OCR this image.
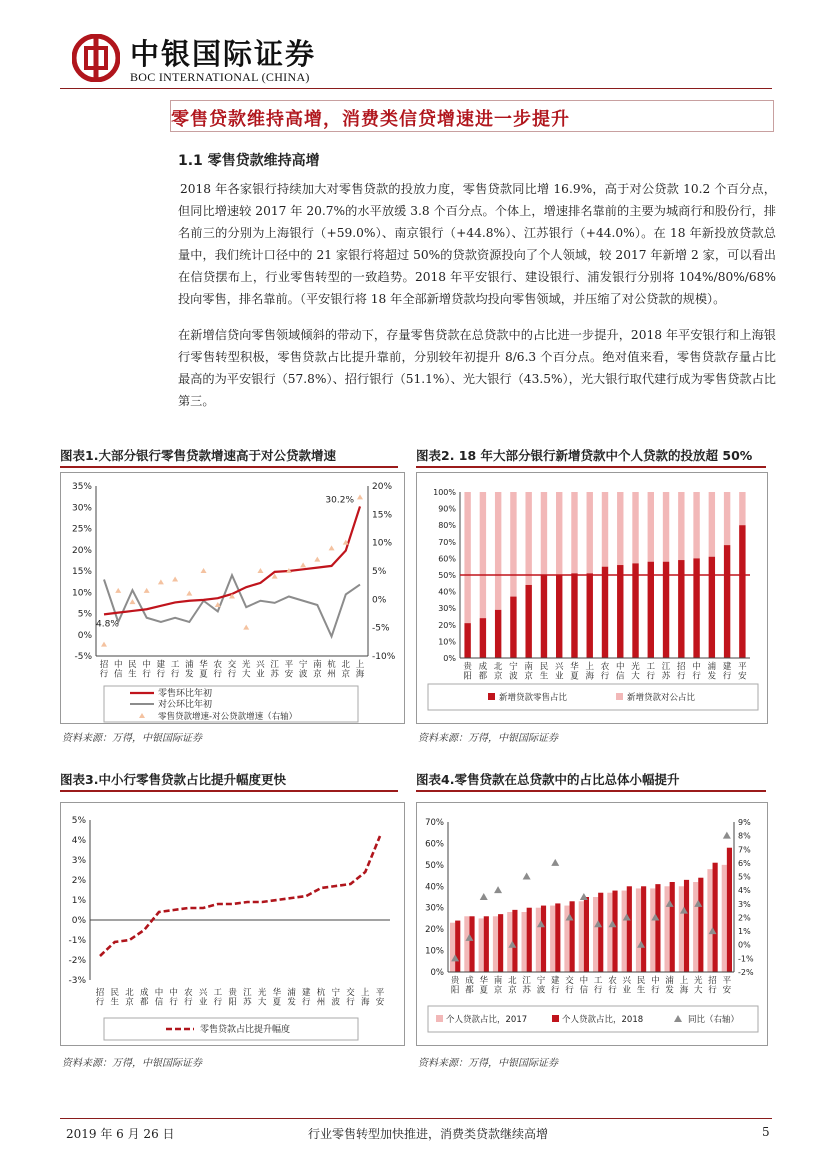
中银国际证券
BOC INTERNATIONAL (CHINA)
零售贷款维持高增，消费类信贷增速进一步提升
1.1 零售贷款维持高增
2018 年各家银行持续加大对零售贷款的投放力度，零售贷款同比增 16.9%，高于对公贷款 10.2 个百分点，但同比增速较 2017 年 20.7%的水平放缓 3.8 个百分点。个体上，增速排名靠前的主要为城商行和股份行，排名前三的分别为上海银行（+59.0%）、南京银行（+44.8%）、江苏银行（+44.0%）。在 18 年新投放贷款总量中，我们统计口径中的 21 家银行将超过 50%的贷款资源投向了个人领域，较 2017 年新增 2 家，可以看出在信贷摆布上，行业零售转型的一致趋势。2018 年平安银行、建设银行、浦发银行分别将 104%/80%/68%投向零售，排名靠前。（平安银行将 18 年全部新增贷款均投向零售领域，并压缩了对公贷款的规模）。
在新增信贷向零售领域倾斜的带动下，存量零售贷款在总贷款中的占比进一步提升，2018 年平安银行和上海银行零售转型积极，零售贷款占比提升靠前，分别较年初提升 8/6.3 个百分点。绝对值来看，零售贷款存量占比最高的为平安银行（57.8%）、招行银行（51.1%）、光大银行（43.5%），光大银行取代建行成为零售贷款占比第三。
图表1.大部分银行零售贷款增速高于对公贷款增速
-5%
0%
5%
10%
15%
20%
25%
30%
35%
-10%
-5%
0%
5%
10%
15%
20%
招行
中信
民生
中行
建行
工行
浦发
华夏
农行
交行
光大
兴业
江苏
平安
宁波
南京
杭州
北京
上海
4.8%
30.2%
零售环比年初
对公环比年初
零售贷款增速-对公贷款增速（右轴）
资料来源：万得，中银国际证券
图表2. 18 年大部分银行新增贷款中个人贷款的投放超 50%
0%
10%
20%
30%
40%
50%
60%
70%
80%
90%
100%
贵阳
成都
北京
宁波
南京
民生
兴业
华夏
上海
农行
中信
光大
工行
江苏
招行
中行
浦发
建行
平安
新增贷款零售占比	新增贷款对公占比
资料来源：万得，中银国际证券
图表3.中小行零售贷款占比提升幅度更快
-3%
-2%
-1%
0%
1%
2%
3%
4%
5%
招行
民生
北京
成都
中信
中行
农行
兴业
工行
贵阳
江苏
光大
华夏
浦发
建行
杭州
宁波
交行
上海
平安
零售贷款占比提升幅度
资料来源：万得，中银国际证券
图表4.零售贷款在总贷款中的占比总体小幅提升
0%
10%
20%
30%
40%
50%
60%
70%
-2%
-1%
0%
1%
2%
3%
4%
5%
6%
7%
8%
9%
贵阳
成都
华夏
南京
北京
江苏
宁波
建行
交行
中信
工行
农行
兴业
民生
中行
浦发
上海
光大
招行
平安
个人贷款占比，2017	个人贷款占比，2018	同比（右轴）
资料来源：万得，中银国际证券
2019 年 6 月 26 日	行业零售转型加快推进，消费类贷款继续高增	5
